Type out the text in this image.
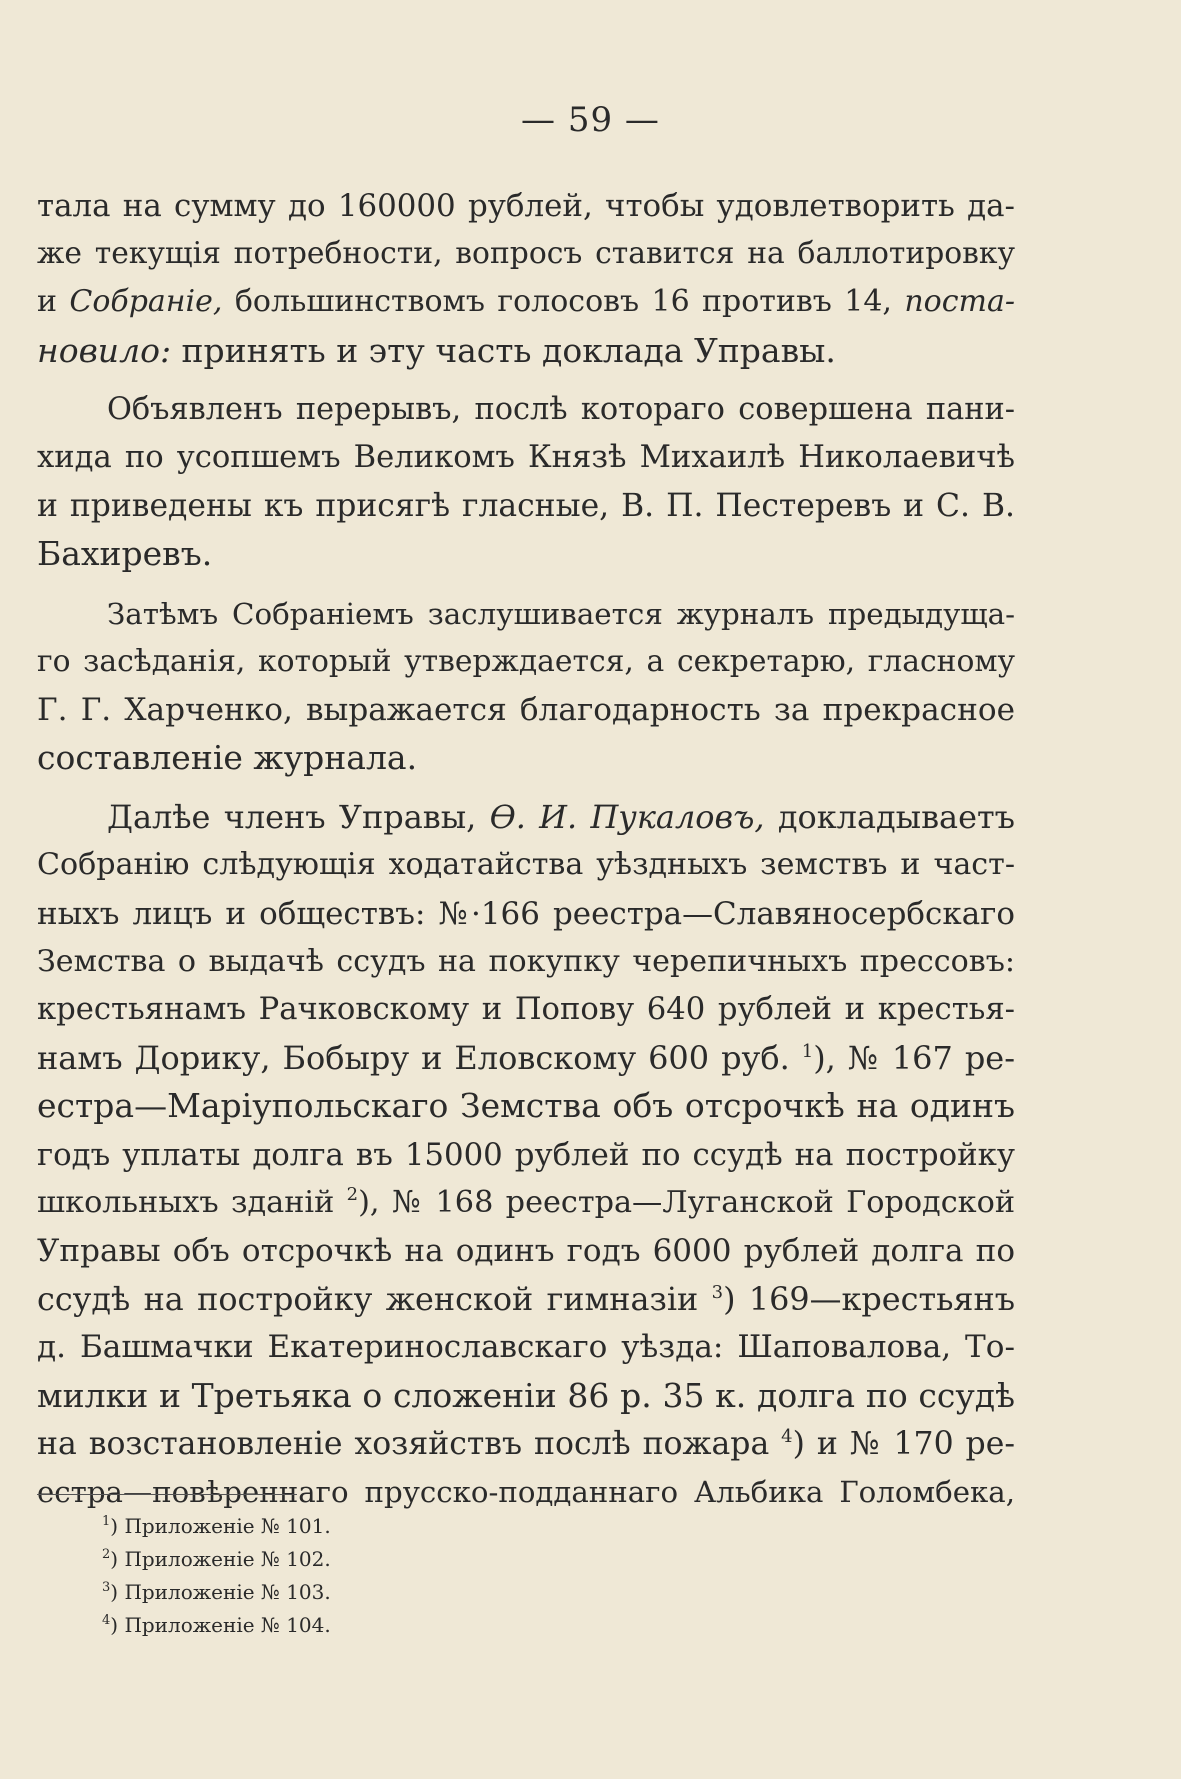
— 59 —
тала на сумму до 160000 рублей, чтобы удовлетворить да-
же текущія потребности, вопросъ ставится на баллотировку
и Собраніе, большинствомъ голосовъ 16 противъ 14, поста-
новило: принять и эту часть доклада Управы.
Объявленъ перерывъ, послѣ котораго совершена пани-
хида по усопшемъ Великомъ Князѣ Михаилѣ Николаевичѣ
и приведены къ присягѣ гласные, В. П. Пестеревъ и С. В.
Бахиревъ.
Затѣмъ Собраніемъ заслушивается журналъ предыдуща-
го засѣданія, который утверждается, а секретарю, гласному
Г. Г. Харченко, выражается благодарность за прекрасное
составленіе журнала.
Далѣе членъ Управы, Ѳ. И. Пукаловъ, докладываетъ
Собранію слѣдующія ходатайства уѣздныхъ земствъ и част-
ныхъ лицъ и обществъ: №·166 реестра—Славяносербскаго
Земства о выдачѣ ссудъ на покупку черепичныхъ прессовъ:
крестьянамъ Рачковскому и Попову 640 рублей и крестья-
намъ Дорику, Бобыру и Еловскому 600 руб. $^1$), № 167 ре-
естра—Маріупольскаго Земства объ отсрочкѣ на одинъ
годъ уплаты долга въ 15000 рублей по ссудѣ на постройку
школьныхъ зданій $^2$), № 168 реестра—Луганской Городской
Управы объ отсрочкѣ на одинъ годъ 6000 рублей долга по
ссудѣ на постройку женской гимназіи $^3$) 169—крестьянъ
д. Башмачки Екатеринославскаго уѣзда: Шаповалова, То-
милки и Третьяка о сложеніи 86 р. 35 к. долга по ссудѣ
на возстановленіе хозяйствъ послѣ пожара $^4$) и № 170 ре-
естра—повѣреннаго прусско-подданнаго Альбика Голомбека,
$^1$) Приложеніе № 101.
$^2$) Приложеніе № 102.
$^3$) Приложеніе № 103.
$^4$) Приложеніе № 104.
